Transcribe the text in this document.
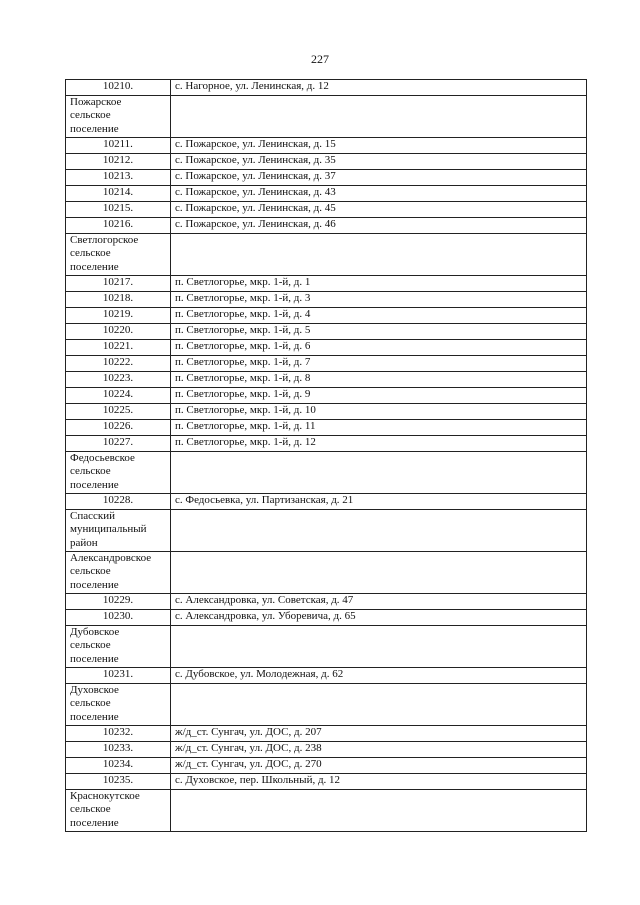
227
10210.	с. Нагорное, ул. Ленинская, д. 12

Пожарское
сельское
поселение	

10211.	с. Пожарское, ул. Ленинская, д. 15
10212.	с. Пожарское, ул. Ленинская, д. 35
10213.	с. Пожарское, ул. Ленинская, д. 37
10214.	с. Пожарское, ул. Ленинская, д. 43
10215.	с. Пожарское, ул. Ленинская, д. 45
10216.	с. Пожарское, ул. Ленинская, д. 46

Светлогорское
сельское
поселение	

10217.	п. Светлогорье, мкр. 1-й, д. 1
10218.	п. Светлогорье, мкр. 1-й, д. 3
10219.	п. Светлогорье, мкр. 1-й, д. 4
10220.	п. Светлогорье, мкр. 1-й, д. 5
10221.	п. Светлогорье, мкр. 1-й, д. 6
10222.	п. Светлогорье, мкр. 1-й, д. 7
10223.	п. Светлогорье, мкр. 1-й, д. 8
10224.	п. Светлогорье, мкр. 1-й, д. 9
10225.	п. Светлогорье, мкр. 1-й, д. 10
10226.	п. Светлогорье, мкр. 1-й, д. 11
10227.	п. Светлогорье, мкр. 1-й, д. 12

Федосьевское
сельское
поселение	

10228.	с. Федосьевка, ул. Партизанская, д. 21

Спасский
муниципальный
район	

Александровское
сельское
поселение	

10229.	с. Александровка, ул. Советская, д. 47
10230.	с. Александровка, ул. Уборевича, д. 65

Дубовское
сельское
поселение	

10231.	с. Дубовское, ул. Молодежная, д. 62

Духовское
сельское
поселение	

10232.	ж/д_ст. Сунгач, ул. ДОС, д. 207
10233.	ж/д_ст. Сунгач, ул. ДОС, д. 238
10234.	ж/д_ст. Сунгач, ул. ДОС, д. 270
10235.	с. Духовское, пер. Школьный, д. 12

Краснокутское
сельское
поселение	
